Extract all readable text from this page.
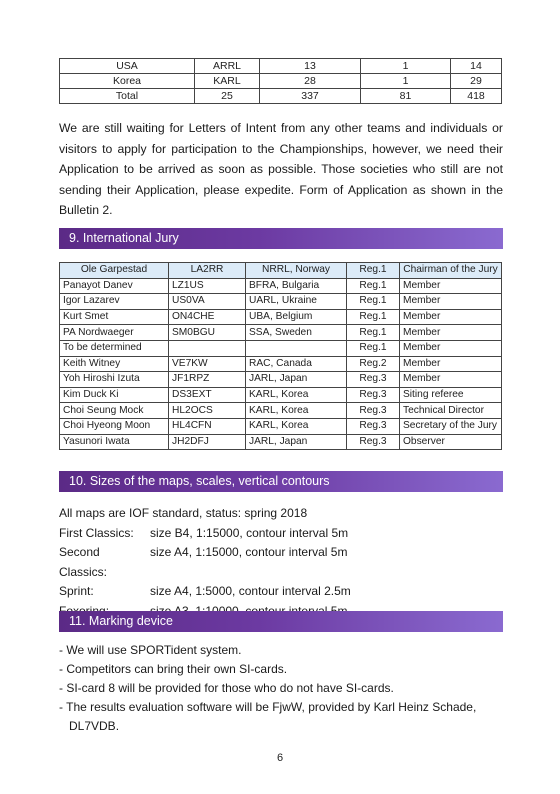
USA	ARRL	13	1	14
Korea	KARL	28	1	29
Total	25	337	81	418

We are still waiting for Letters of Intent from any other teams and individuals or visitors to apply for participation to the Championships, however, we need their Application to be arrived as soon as possible. Those societies who still are not sending their Application, please expedite. Form of Application as shown in the Bulletin 2.

9. International Jury
Ole Garpestad	LA2RR	NRRL, Norway	Reg.1	Chairman of the Jury
Panayot Danev	LZ1US	BFRA, Bulgaria	Reg.1	Member
Igor Lazarev	US0VA	UARL, Ukraine	Reg.1	Member
Kurt Smet	ON4CHE	UBA, Belgium	Reg.1	Member
PA Nordwaeger	SM0BGU	SSA, Sweden	Reg.1	Member
To be determined			Reg.1	Member
Keith Witney	VE7KW	RAC, Canada	Reg.2	Member
Yoh Hiroshi Izuta	JF1RPZ	JARL, Japan	Reg.3	Member
Kim Duck Ki	DS3EXT	KARL, Korea	Reg.3	Siting referee
Choi Seung Mock	HL2OCS	KARL, Korea	Reg.3	Technical Director
Choi Hyeong Moon	HL4CFN	KARL, Korea	Reg.3	Secretary of the Jury
Yasunori Iwata	JH2DFJ	JARL, Japan	Reg.3	Observer
10. Sizes of the maps, scales, vertical contours
All maps are IOF standard, status: spring 2018
First Classics:	size B4, 1:15000, contour interval 5m
Second Classics:
size A4, 1:15000, contour interval 5m
Sprint:	size A4, 1:5000, contour interval 2.5m
11. Marking device
- We will use SPORTident system.
- Competitors can bring their own SI-cards.
- SI-card 8 will be provided for those who do not have SI-cards.
- The results evaluation software will be FjwW, provided by Karl Heinz Schade, DL7VDB.
6
